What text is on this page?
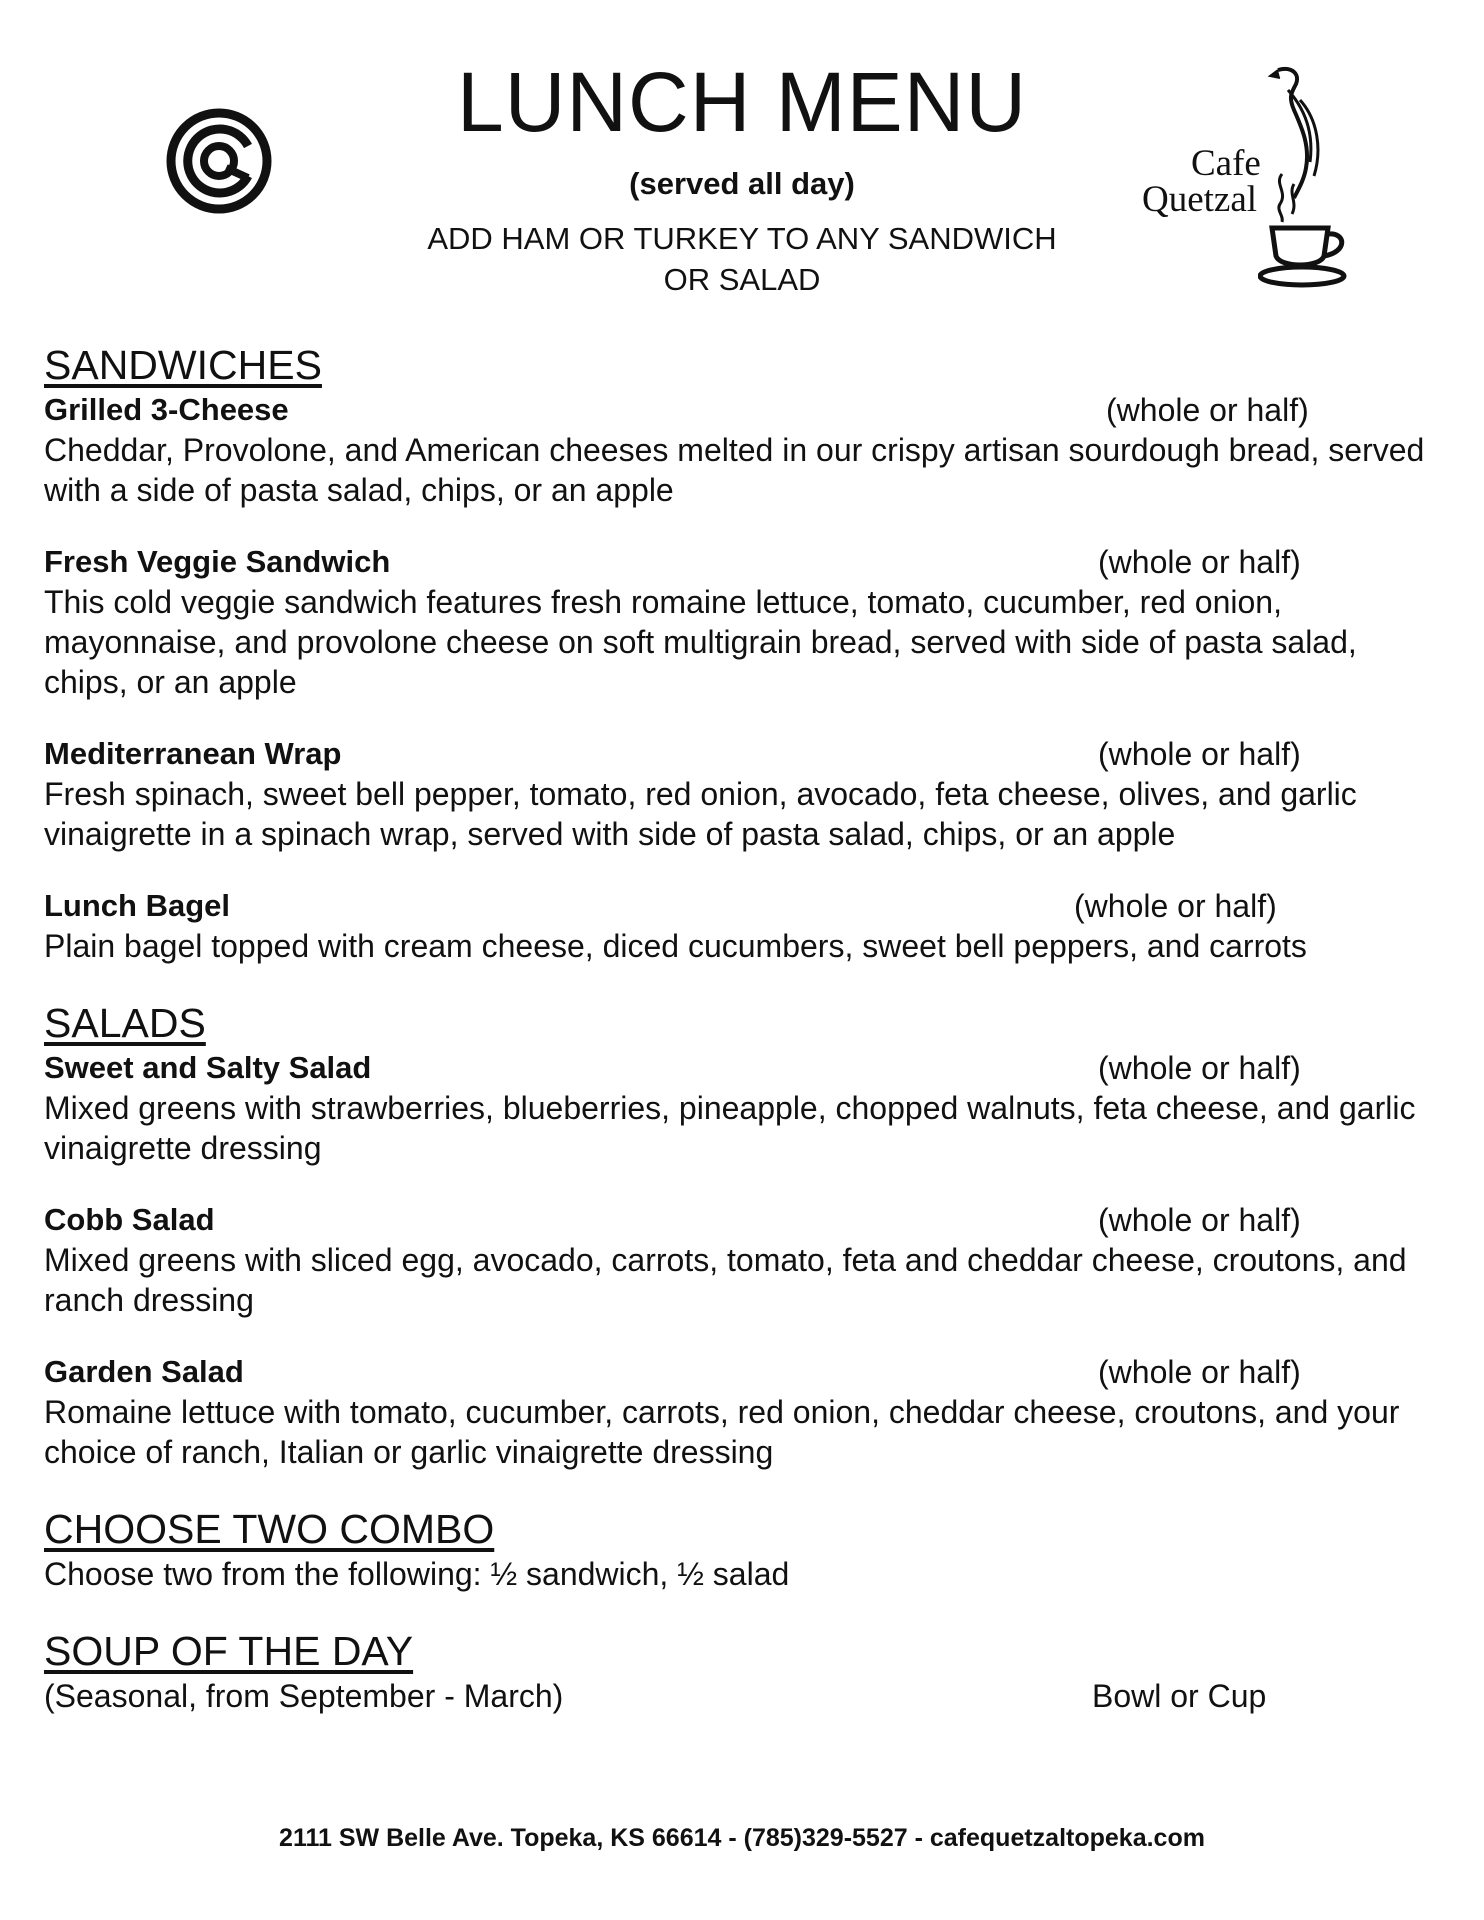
LUNCH MENU
(served all day)
ADD HAM OR TURKEY TO ANY SANDWICH
OR SALAD
Cafe
Quetzal
SANDWICHES
Grilled 3-Cheese	(whole or half)
Cheddar, Provolone, and American cheeses melted in our crispy artisan sourdough bread, served with a side of pasta salad, chips, or an apple
Fresh Veggie Sandwich	(whole or half)
This cold veggie sandwich features fresh romaine lettuce, tomato, cucumber, red onion, mayonnaise, and provolone cheese on soft multigrain bread, served with side of pasta salad, chips, or an apple
Mediterranean Wrap	(whole or half)
Fresh spinach, sweet bell pepper, tomato, red onion, avocado, feta cheese, olives, and garlic vinaigrette in a spinach wrap, served with side of pasta salad, chips, or an apple
Lunch Bagel	(whole or half)
Plain bagel topped with cream cheese, diced cucumbers, sweet bell peppers, and carrots
SALADS
Sweet and Salty Salad	(whole or half)
Mixed greens with strawberries, blueberries, pineapple, chopped walnuts, feta cheese, and garlic vinaigrette dressing
Cobb Salad	(whole or half)
Mixed greens with sliced egg, avocado, carrots, tomato, feta and cheddar cheese, croutons, and ranch dressing
Garden Salad	(whole or half)
Romaine lettuce with tomato, cucumber, carrots, red onion, cheddar cheese, croutons, and your choice of ranch, Italian or garlic vinaigrette dressing
CHOOSE TWO COMBO
Choose two from the following: ½ sandwich, ½ salad
SOUP OF THE DAY
(Seasonal, from September - March)	Bowl or Cup
2111 SW Belle Ave. Topeka, KS 66614 - (785)329-5527 - cafequetzaltopeka.com
